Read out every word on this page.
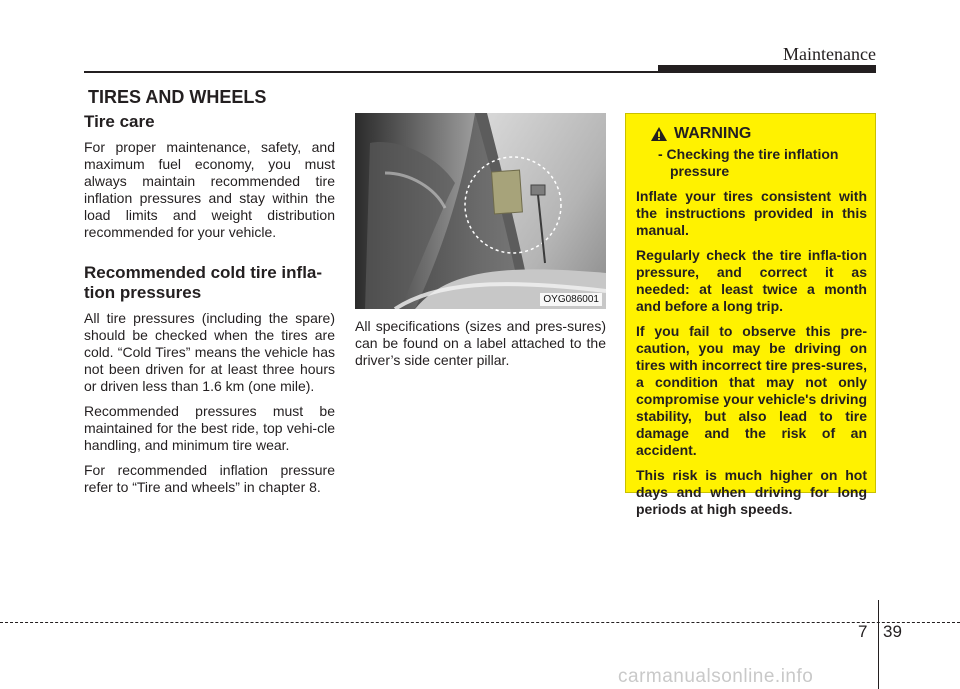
Maintenance
TIRES AND WHEELS
Tire care

For proper maintenance, safety, and maximum fuel economy, you must always maintain recommended tire inflation pressures and stay within the load limits and weight distribution recommended for your vehicle.

Recommended cold tire infla-tion pressures

All tire pressures (including the spare) should be checked when the tires are cold. “Cold Tires” means the vehicle has not been driven for at least three hours or driven less than 1.6 km (one mile).

Recommended pressures must be maintained for the best ride, top vehi-cle handling, and minimum tire wear.

For recommended inflation pressure refer to “Tire and wheels” in chapter 8.

OYG086001

All specifications (sizes and pres-sures) can be found on a label attached to the driver’s side center pillar.

WARNING
- Checking the tire inflation
pressure

Inflate your tires consistent with the instructions provided in this manual.

Regularly check the tire infla-tion pressure, and correct it as needed: at least twice a month and before a long trip.

If you fail to observe this pre-caution, you may be driving on tires with incorrect tire pres-sures, a condition that may not only compromise your vehicle's driving stability, but also lead to tire damage and the risk of an accident.

This risk is much higher on hot days and when driving for long periods at high speeds.

7 39
carmanualsonline.info
